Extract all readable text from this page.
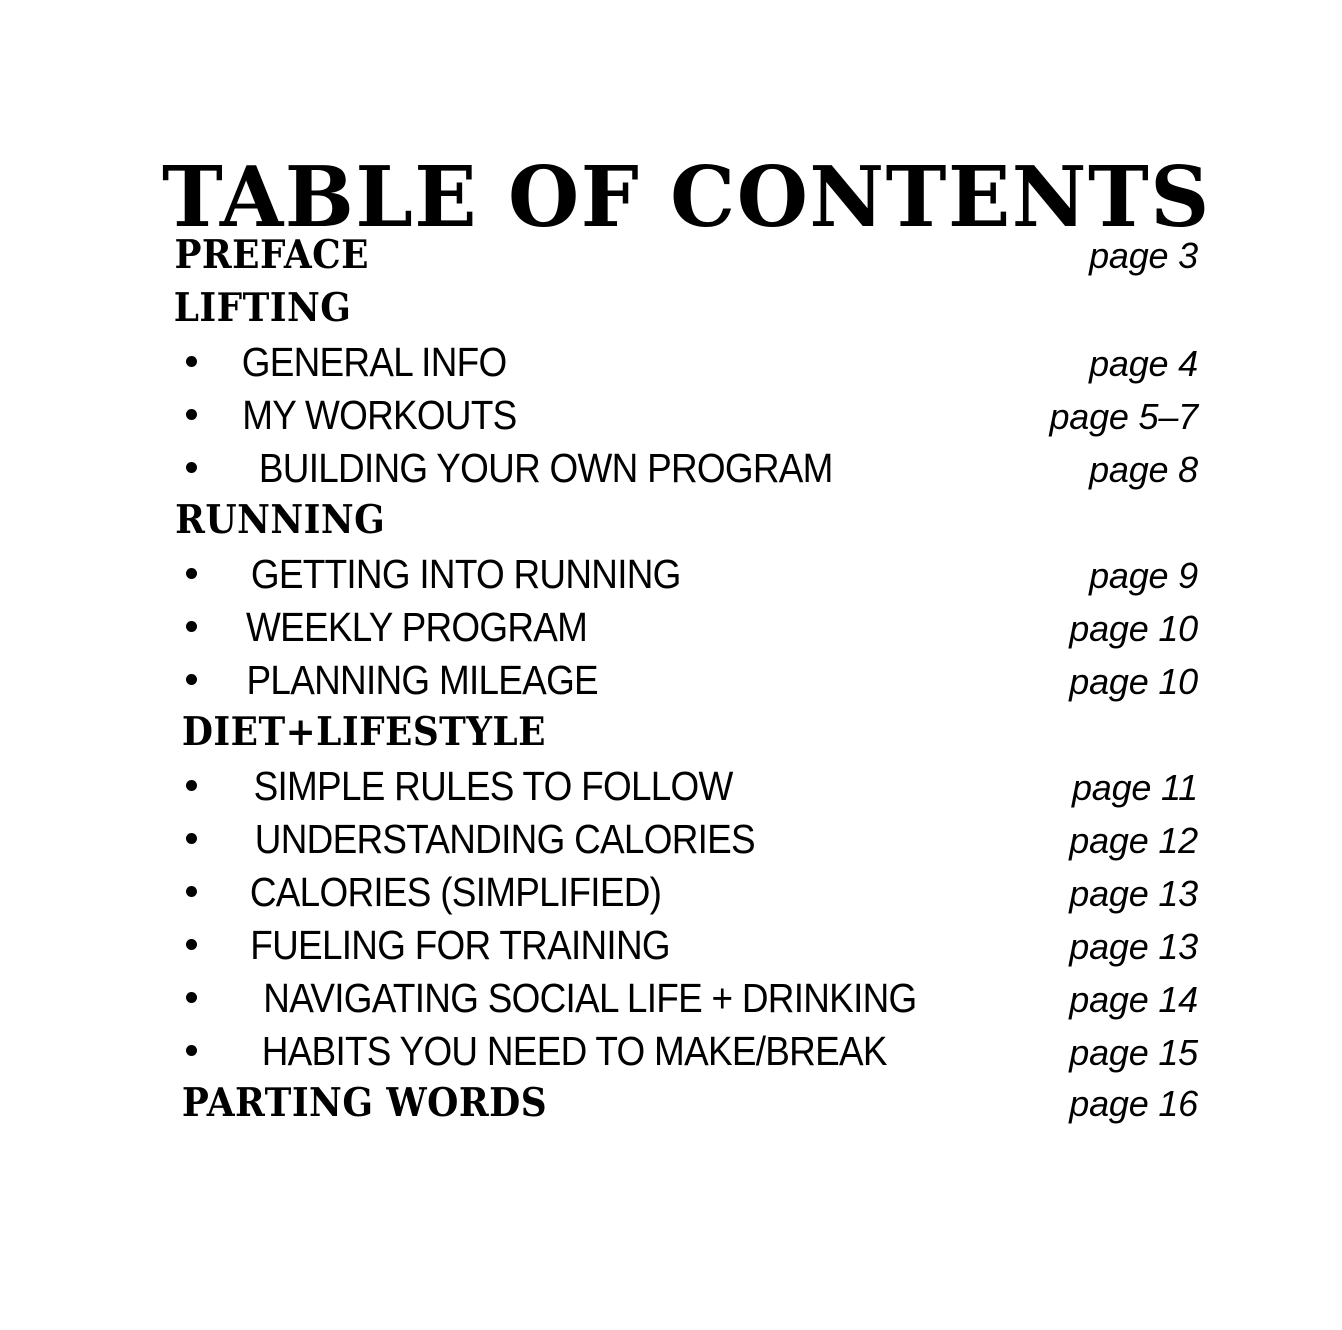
TABLE OF CONTENTS
PREFACE	page 3
LIFTING
GENERAL INFO	page 4
MY WORKOUTS	page 5–7
BUILDING YOUR OWN PROGRAM	page 8
RUNNING
GETTING INTO RUNNING	page 9
WEEKLY PROGRAM	page 10
PLANNING MILEAGE	page 10
DIET+LIFESTYLE
SIMPLE RULES TO FOLLOW	page 11
UNDERSTANDING CALORIES	page 12
CALORIES (SIMPLIFIED)	page 13
FUELING FOR TRAINING	page 13
NAVIGATING SOCIAL LIFE + DRINKING	page 14
HABITS YOU NEED TO MAKE/BREAK	page 15
PARTING WORDS	page 16
